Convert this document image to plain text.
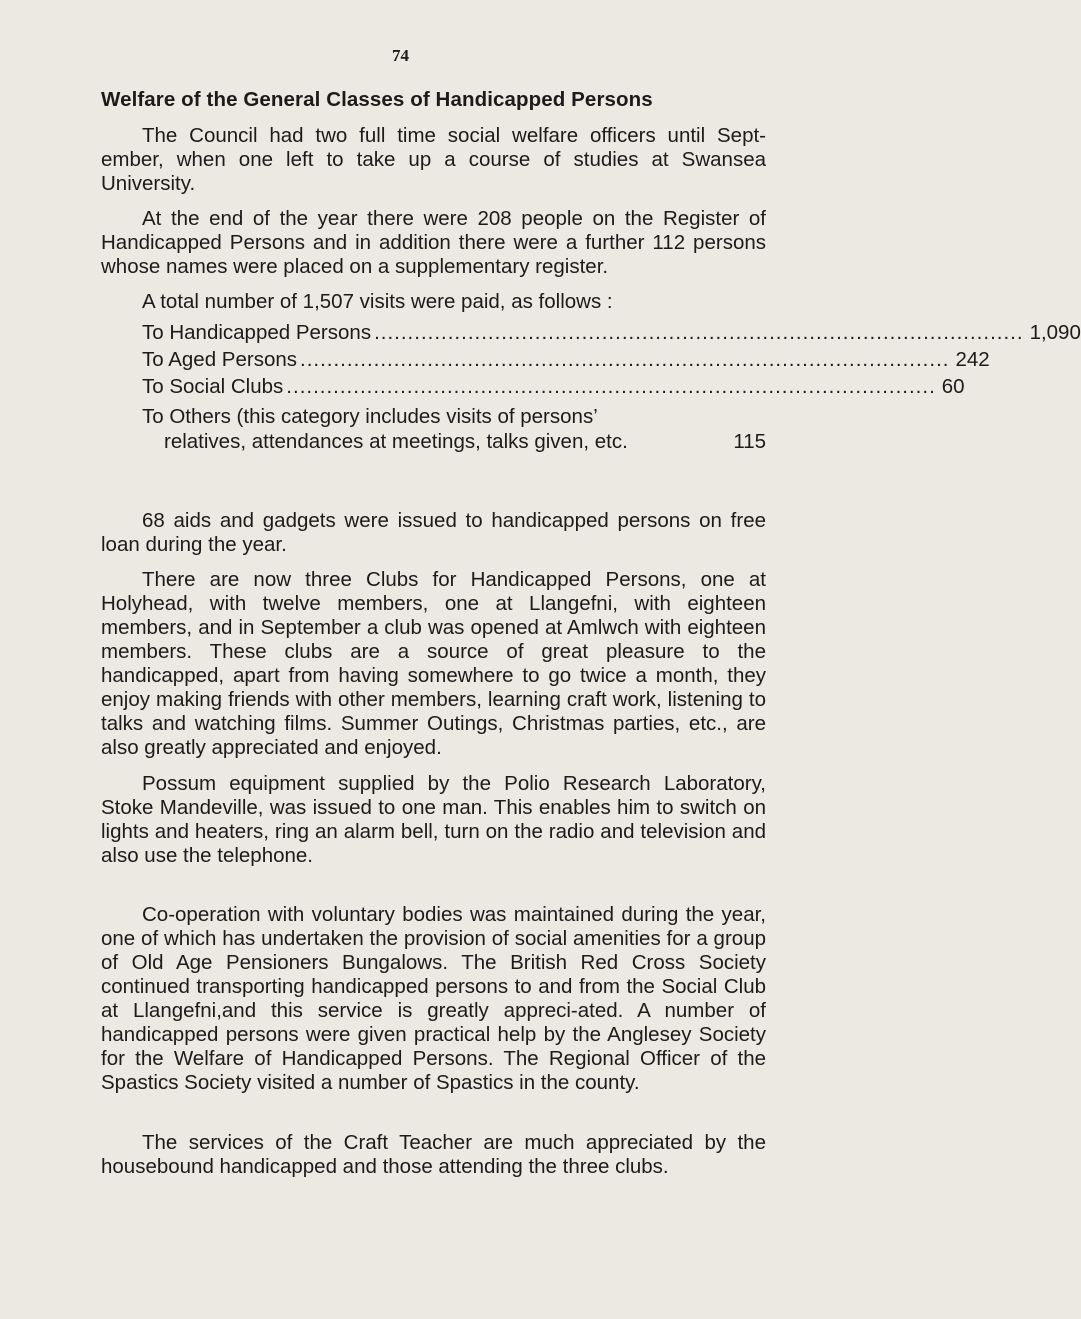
74
Welfare of the General Classes of Handicapped Persons

The Council had two full time social welfare officers until Sept-ember, when one left to take up a course of studies at Swansea University.

At the end of the year there were 208 people on the Register of Handicapped Persons and in addition there were a further 112 persons whose names were placed on a supplementary register.

A total number of 1,507 visits were paid, as follows :

To Handicapped Persons ................................................................................................. 1,090
To Aged Persons ................................................................................................. 242
To Social Clubs ................................................................................................. 60
To Others (this category includes visits of persons’
relatives, attendances at meetings, talks given, etc.	115

68 aids and gadgets were issued to handicapped persons on free loan during the year.

There are now three Clubs for Handicapped Persons, one at Holyhead, with twelve members, one at Llangefni, with eighteen members, and in September a club was opened at Amlwch with eighteen members. These clubs are a source of great pleasure to the handicapped, apart from having somewhere to go twice a month, they enjoy making friends with other members, learning craft work, listening to talks and watching films. Summer Outings, Christmas parties, etc., are also greatly appreciated and enjoyed.

Possum equipment supplied by the Polio Research Laboratory, Stoke Mandeville, was issued to one man. This enables him to switch on lights and heaters, ring an alarm bell, turn on the radio and television and also use the telephone.

Co-operation with voluntary bodies was maintained during the year, one of which has undertaken the provision of social amenities for a group of Old Age Pensioners Bungalows. The British Red Cross Society continued transporting handicapped persons to and from the Social Club at Llangefni,and this service is greatly appreci-ated. A number of handicapped persons were given practical help by the Anglesey Society for the Welfare of Handicapped Persons. The Regional Officer of the Spastics Society visited a number of Spastics in the county.

The services of the Craft Teacher are much appreciated by the housebound handicapped and those attending the three clubs.
